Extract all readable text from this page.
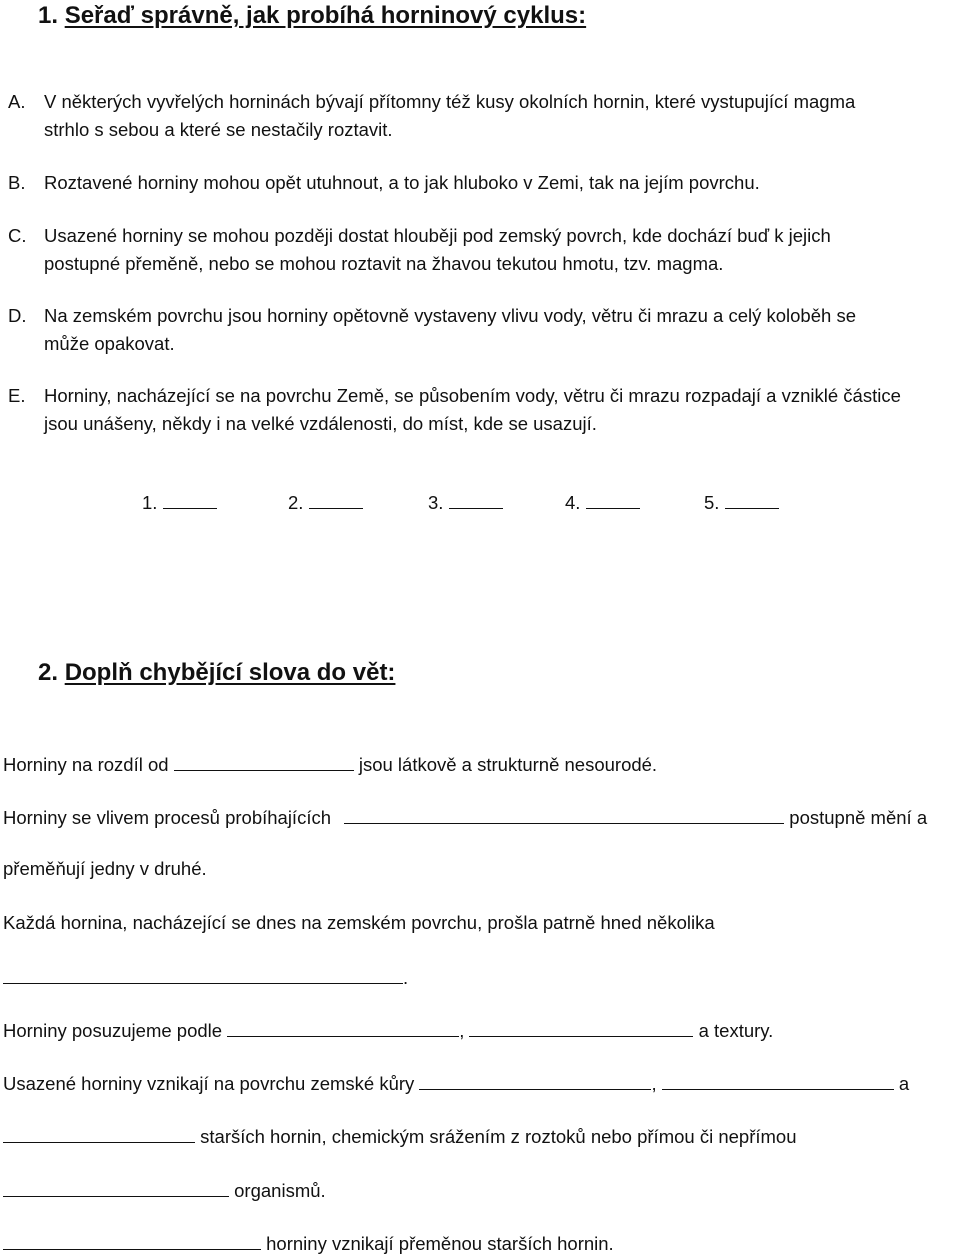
1. Seřaď správně, jak probíhá horninový cyklus:
A. V některých vyvřelých horninách bývají přítomny též kusy okolních hornin, které vystupující magma
strhlo s sebou a které se nestačily roztavit.
B. Roztavené horniny mohou opět utuhnout, a to jak hluboko v Zemi, tak na jejím povrchu.
C. Usazené horniny se mohou později dostat hlouběji pod zemský povrch, kde dochází buď k jejich
postupné přeměně, nebo se mohou roztavit na žhavou tekutou hmotu, tzv. magma.
D. Na zemském povrchu jsou horniny opětovně vystaveny vlivu vody, větru či mrazu a celý koloběh se
může opakovat.
E. Horniny, nacházející se na povrchu Země, se působením vody, větru či mrazu rozpadají a vzniklé částice
jsou unášeny, někdy i na velké vzdálenosti, do míst, kde se usazují.
1.	2.	3.	4.	5.
2. Doplň chybějící slova do vět:
Horniny na rozdíl od	jsou látkově a strukturně nesourodé.
Horniny se vlivem procesů probíhajících	postupně mění a
přeměňují jedny v druhé.
Každá hornina, nacházející se dnes na zemském povrchu, prošla patrně hned několika
.
Horniny posuzujeme podle	,	a textury.
Usazené horniny vznikají na povrchu zemské kůry	,	a
starších hornin, chemickým srážením z roztoků nebo přímou či nepřímou
organismů.
horniny vznikají přeměnou starších hornin.
